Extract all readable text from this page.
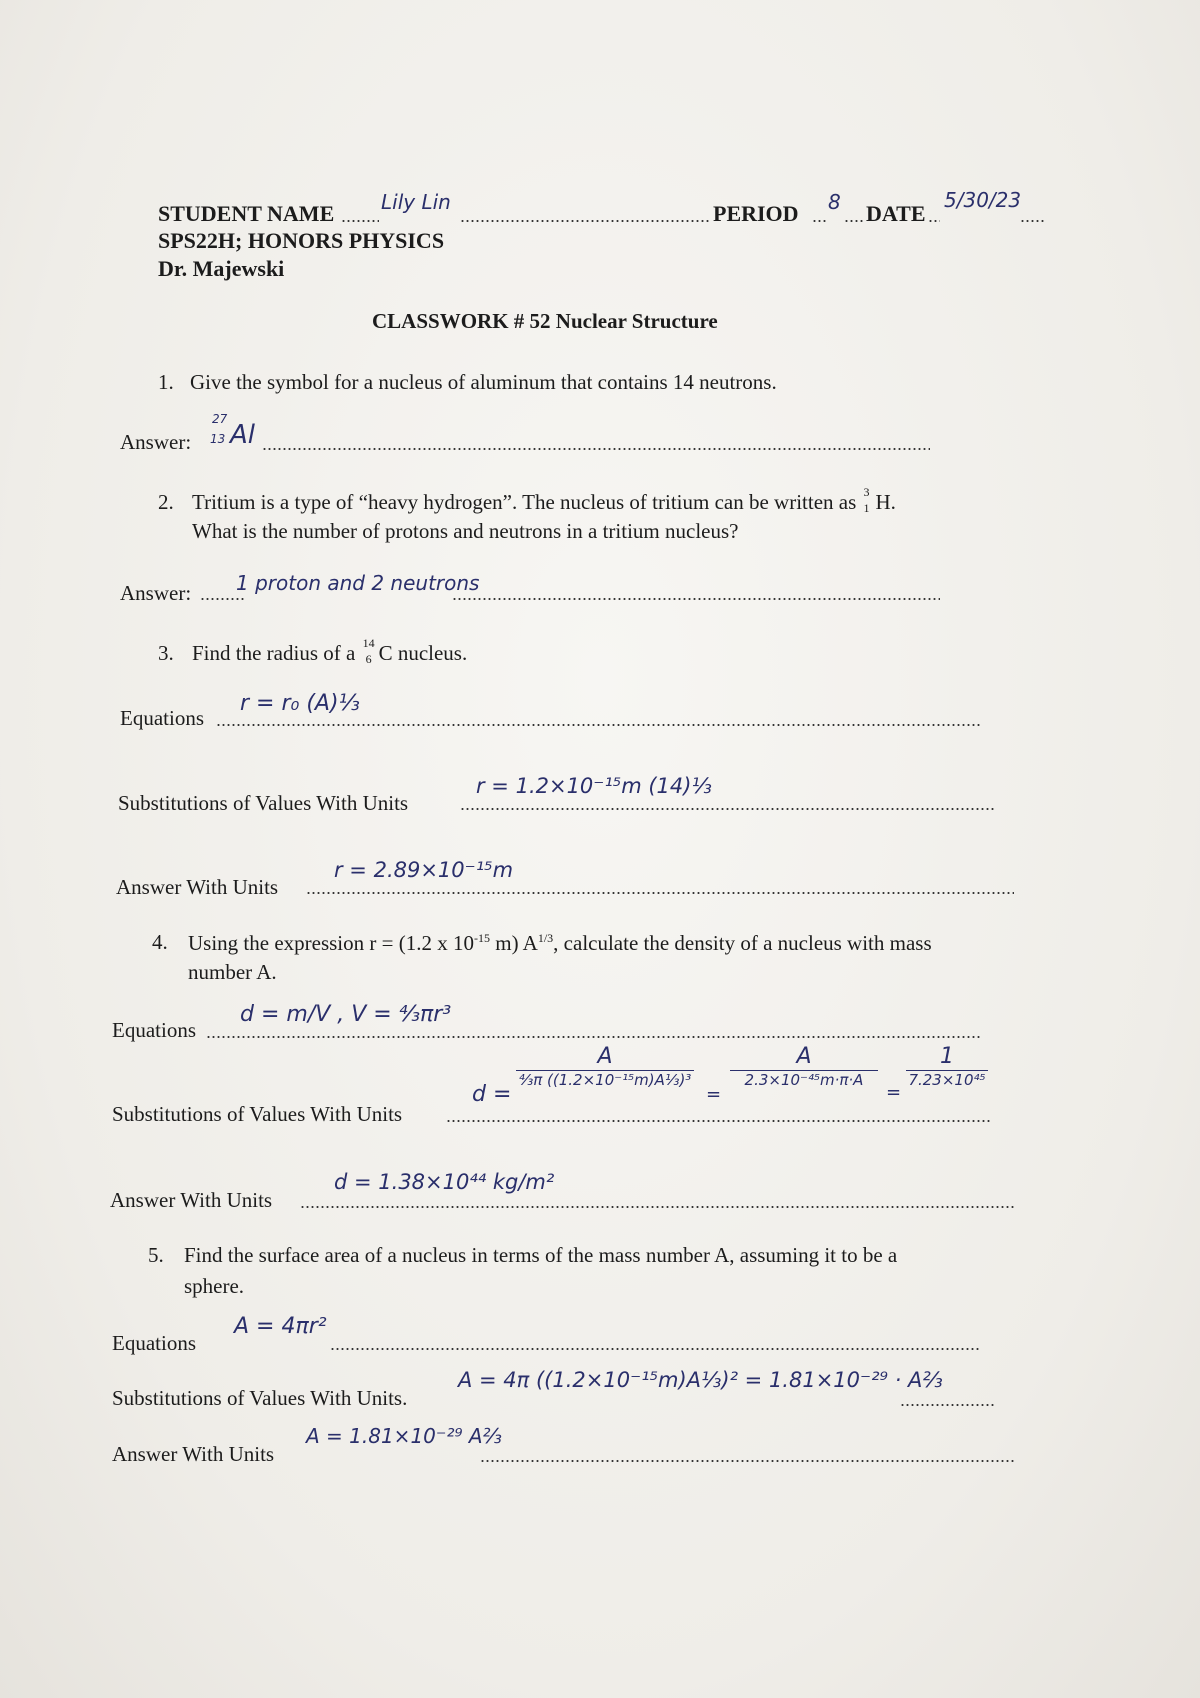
STUDENT NAME Lily Lin	PERIOD 8 DATE
5/30/23
SPS22H; HONORS PHYSICS
Dr. Majewski
CLASSWORK # 52 Nuclear Structure
1. Give the symbol for a nucleus of aluminum that contains 14 neutrons.
Answer:
27
13 Al
2. Tritium is a type of “heavy hydrogen”. The nucleus of tritium can be written as 3
1 H.
What is the number of protons and neutrons in a tritium nucleus?
Answer: 1 proton and 2 neutrons
3. Find the radius of a 14
6 C nucleus.
Equations
r = r₀ (A)⅓
Substitutions of Values With Units
r = 1.2×10⁻¹⁵m (14)⅓
Answer With Units
r = 2.89×10⁻¹⁵m
4. Using the expression r = (1.2 x $10^{-15}$ m) $A^{1/3}$, calculate the density of a nucleus with mass
number A.
Equations
d = m/V , V = ⁴⁄₃πr³
Substitutions of Values With Units
d =
$\frac{A}{\text{⁴⁄₃π ((1.2×10⁻¹⁵m)A⅓)³}}$
=
$\frac{A}{\text{2.3×10⁻⁴⁵m·π·A}}$
=
$\frac{1}{\text{7.23×10⁴⁵}}$
Answer With Units
d = 1.38×10⁴⁴ kg/m²
5. Find the surface area of a nucleus in terms of the mass number A, assuming it to be a
sphere.
Equations
A = 4πr²
Substitutions of Values With Units.
A = 4π ((1.2×10⁻¹⁵m)A⅓)² = 1.81×10⁻²⁹ · A⅔
Answer With Units
A = 1.81×10⁻²⁹ A⅔
